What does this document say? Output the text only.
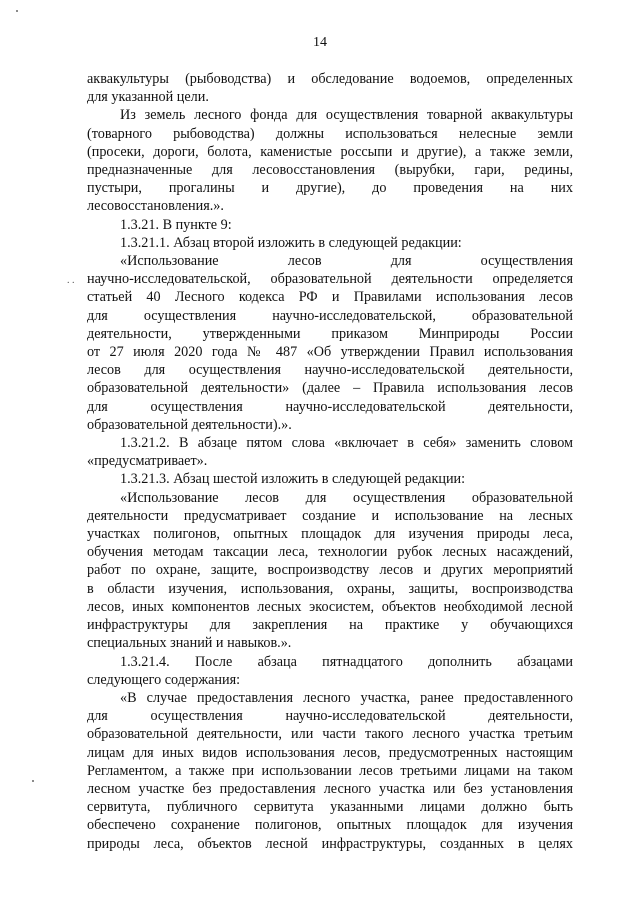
14
. .
аквакультуры (рыбоводства) и обследование водоемов, определенных
для указанной цели.
Из земель лесного фонда для осуществления товарной аквакультуры
(товарного рыбоводства) должны использоваться нелесные земли
(просеки, дороги, болота, каменистые россыпи и другие), а также земли,
предназначенные для лесовосстановления (вырубки, гари, редины,
пустыри, прогалины и другие), до проведения на них
лесовосстановления.».
1.3.21. В пункте 9:
1.3.21.1. Абзац второй изложить в следующей редакции:
«Использование лесов для осуществления
научно-исследовательской, образовательной деятельности определяется
статьей 40 Лесного кодекса РФ и Правилами использования лесов
для осуществления научно-исследовательской, образовательной
деятельности, утвержденными приказом Минприроды России
от 27 июля 2020 года № 487 «Об утверждении Правил использования
лесов для осуществления научно-исследовательской деятельности,
образовательной деятельности» (далее – Правила использования лесов
для осуществления научно-исследовательской деятельности,
образовательной деятельности).».
1.3.21.2. В абзаце пятом слова «включает в себя» заменить словом
«предусматривает».
1.3.21.3. Абзац шестой изложить в следующей редакции:
«Использование лесов для осуществления образовательной
деятельности предусматривает создание и использование на лесных
участках полигонов, опытных площадок для изучения природы леса,
обучения методам таксации леса, технологии рубок лесных насаждений,
работ по охране, защите, воспроизводству лесов и других мероприятий
в области изучения, использования, охраны, защиты, воспроизводства
лесов, иных компонентов лесных экосистем, объектов необходимой лесной
инфраструктуры для закрепления на практике у обучающихся
специальных знаний и навыков.».
1.3.21.4. После абзаца пятнадцатого дополнить абзацами
следующего содержания:
«В случае предоставления лесного участка, ранее предоставленного
для осуществления научно-исследовательской деятельности,
образовательной деятельности, или части такого лесного участка третьим
лицам для иных видов использования лесов, предусмотренных настоящим
Регламентом, а также при использовании лесов третьими лицами на таком
лесном участке без предоставления лесного участка или без установления
сервитута, публичного сервитута указанными лицами должно быть
обеспечено сохранение полигонов, опытных площадок для изучения
природы леса, объектов лесной инфраструктуры, созданных в целях
